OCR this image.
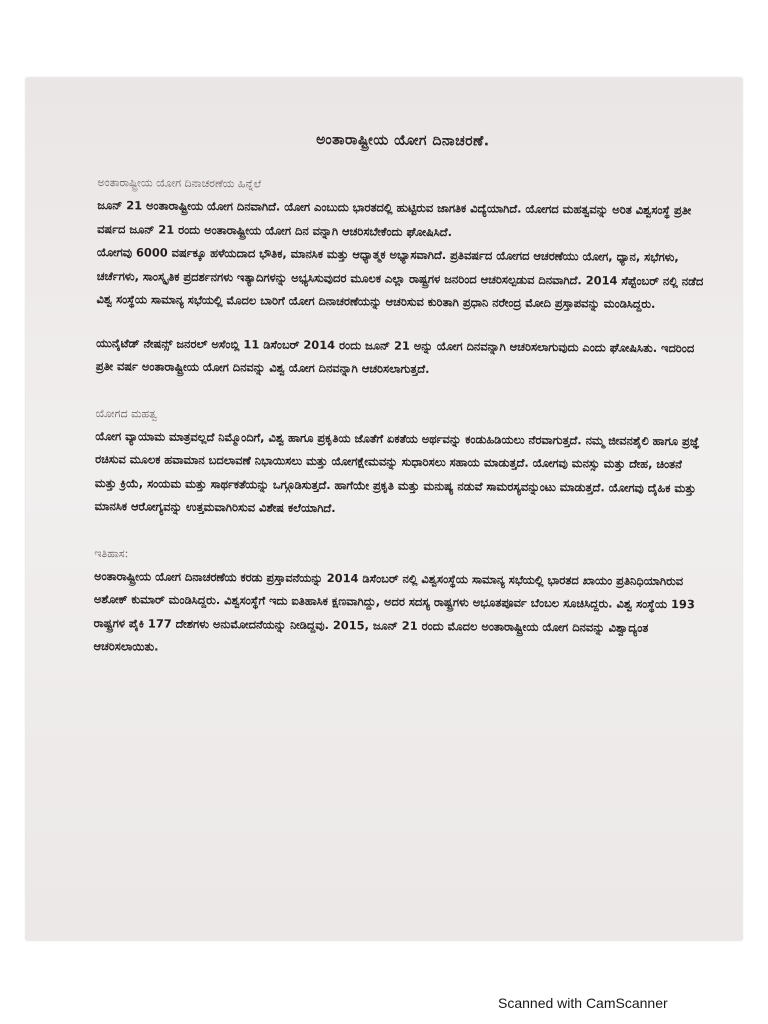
ಅಂತಾರಾಷ್ಟ್ರೀಯ ಯೋಗ ದಿನಾಚರಣೆ.
ಅಂತಾರಾಷ್ಟ್ರೀಯ ಯೋಗ ದಿನಾಚರಣೆಯ ಹಿನ್ನೆಲೆ

ಜೂನ್ 21 ಅಂತಾರಾಷ್ಟ್ರೀಯ ಯೋಗ ದಿನವಾಗಿದೆ. ಯೋಗ ಎಂಬುದು ಭಾರತದಲ್ಲಿ ಹುಟ್ಟಿರುವ ಜಾಗತಿಕ ವಿದ್ಯೆಯಾಗಿದೆ. ಯೋಗದ ಮಹತ್ವವನ್ನು ಅರಿತ ವಿಶ್ವಸಂಸ್ಥೆ ಪ್ರತೀ ವರ್ಷದ ಜೂನ್ 21 ರಂದು ಅಂತಾರಾಷ್ಟ್ರೀಯ ಯೋಗ ದಿನ ವನ್ನಾಗಿ ಆಚರಿಸಬೇಕೆಂದು ಘೋಷಿಸಿದೆ.

ಯೋಗವು 6000 ವರ್ಷಕ್ಕೂ ಹಳೆಯದಾದ ಭೌತಿಕ, ಮಾನಸಿಕ ಮತ್ತು ಆಧ್ಯಾತ್ಮಕ ಅಭ್ಯಾಸವಾಗಿದೆ. ಪ್ರತಿವರ್ಷದ ಯೋಗದ ಆಚರಣೆಯು ಯೋಗ, ಧ್ಯಾನ, ಸಭೆಗಳು, ಚರ್ಚೆಗಳು, ಸಾಂಸ್ಕೃತಿಕ ಪ್ರದರ್ಶನಗಳು ಇತ್ಯಾದಿಗಳನ್ನು ಅಭ್ಯಸಿಸುವುದರ ಮೂಲಕ ಎಲ್ಲಾ ರಾಷ್ಟ್ರಗಳ ಜನರಿಂದ ಆಚರಿಸಲ್ಪಡುವ ದಿನವಾಗಿದೆ. 2014 ಸೆಪ್ಟೆಂಬರ್ ನಲ್ಲಿ ನಡೆದ ವಿಶ್ವ ಸಂಸ್ಥೆಯ ಸಾಮಾನ್ಯ ಸಭೆಯಲ್ಲಿ ಮೊದಲ ಬಾರಿಗೆ ಯೋಗ ದಿನಾಚರಣೆಯನ್ನು ಆಚರಿಸುವ ಕುರಿತಾಗಿ ಪ್ರಧಾನಿ ನರೇಂದ್ರ ಮೋದಿ ಪ್ರಸ್ತಾಪವನ್ನು ಮಂಡಿಸಿದ್ದರು.

ಯುನೈಟೆಡ್ ನೇಷನ್ಸ್ ಜನರಲ್ ಅಸೆಂಬ್ಲಿ 11 ಡಿಸೆಂಬರ್ 2014 ರಂದು ಜೂನ್ 21 ಅನ್ನು ಯೋಗ ದಿನವನ್ನಾಗಿ ಆಚರಿಸಲಾಗುವುದು ಎಂದು ಘೋಷಿಸಿತು. ಇದರಿಂದ ಪ್ರತೀ ವರ್ಷ ಅಂತಾರಾಷ್ಟ್ರೀಯ ಯೋಗ ದಿನವನ್ನು ವಿಶ್ವ ಯೋಗ ದಿನವನ್ನಾಗಿ ಆಚರಿಸಲಾಗುತ್ತದೆ.

ಯೋಗದ ಮಹತ್ವ

ಯೋಗ ವ್ಯಾಯಾಮ ಮಾತ್ರವಲ್ಲದೆ ನಿಮ್ಮೊಂದಿಗೆ, ವಿಶ್ವ ಹಾಗೂ ಪ್ರಕೃತಿಯ ಜೊತೆಗೆ ಏಕತೆಯ ಅರ್ಥವನ್ನು ಕಂಡುಹಿಡಿಯಲು ನೆರವಾಗುತ್ತದೆ. ನಮ್ಮ ಜೀವನಶೈಲಿ ಹಾಗೂ ಪ್ರಜ್ಞೆ ರಚಿಸುವ ಮೂಲಕ ಹವಾಮಾನ ಬದಲಾವಣೆ ನಿಭಾಯಿಸಲು ಮತ್ತು ಯೋಗಕ್ಷೇಮವನ್ನು ಸುಧಾರಿಸಲು ಸಹಾಯ ಮಾಡುತ್ತದೆ. ಯೋಗವು ಮನಸ್ಸು ಮತ್ತು ದೇಹ, ಚಿಂತನೆ ಮತ್ತು ಕ್ರಿಯೆ, ಸಂಯಮ ಮತ್ತು ಸಾರ್ಥಕತೆಯನ್ನು ಒಗ್ಗೂಡಿಸುತ್ತದೆ. ಹಾಗೆಯೇ ಪ್ರಕೃತಿ ಮತ್ತು ಮನುಷ್ಯ ನಡುವೆ ಸಾಮರಸ್ಯವನ್ನುಂಟು ಮಾಡುತ್ತದೆ. ಯೋಗವು ದೈಹಿಕ ಮತ್ತು ಮಾನಸಿಕ ಆರೋಗ್ಯವನ್ನು ಉತ್ತಮವಾಗಿರಿಸುವ ವಿಶೇಷ ಕಲೆಯಾಗಿದೆ.

ಇತಿಹಾಸ:

ಅಂತಾರಾಷ್ಟ್ರೀಯ ಯೋಗ ದಿನಾಚರಣೆಯ ಕರಡು ಪ್ರಸ್ತಾವನೆಯನ್ನು 2014 ಡಿಸೆಂಬರ್ ನಲ್ಲಿ ವಿಶ್ವಸಂಸ್ಥೆಯ ಸಾಮಾನ್ಯ ಸಭೆಯಲ್ಲಿ ಭಾರತದ ಖಾಯಂ ಪ್ರತಿನಿಧಿಯಾಗಿರುವ ಅಶೋಕ್ ಕುಮಾರ್ ಮಂಡಿಸಿದ್ದರು. ವಿಶ್ವಸಂಸ್ಥೆಗೆ ಇದು ಐತಿಹಾಸಿಕ ಕ್ಷಣವಾಗಿದ್ದು, ಅದರ ಸದಸ್ಯ ರಾಷ್ಟ್ರಗಳು ಅಭೂತಪೂರ್ವ ಬೆಂಬಲ ಸೂಚಿಸಿದ್ದರು. ವಿಶ್ವ ಸಂಸ್ಥೆಯ 193 ರಾಷ್ಟ್ರಗಳ ಪೈಕಿ 177 ದೇಶಗಳು ಅನುಮೋದನೆಯನ್ನು ನೀಡಿದ್ದವು. 2015, ಜೂನ್ 21 ರಂದು ಮೊದಲ ಅಂತಾರಾಷ್ಟ್ರೀಯ ಯೋಗ ದಿನವನ್ನು ವಿಶ್ವಾದ್ಯಂತ ಆಚರಿಸಲಾಯಿತು.

Scanned with CamScanner
